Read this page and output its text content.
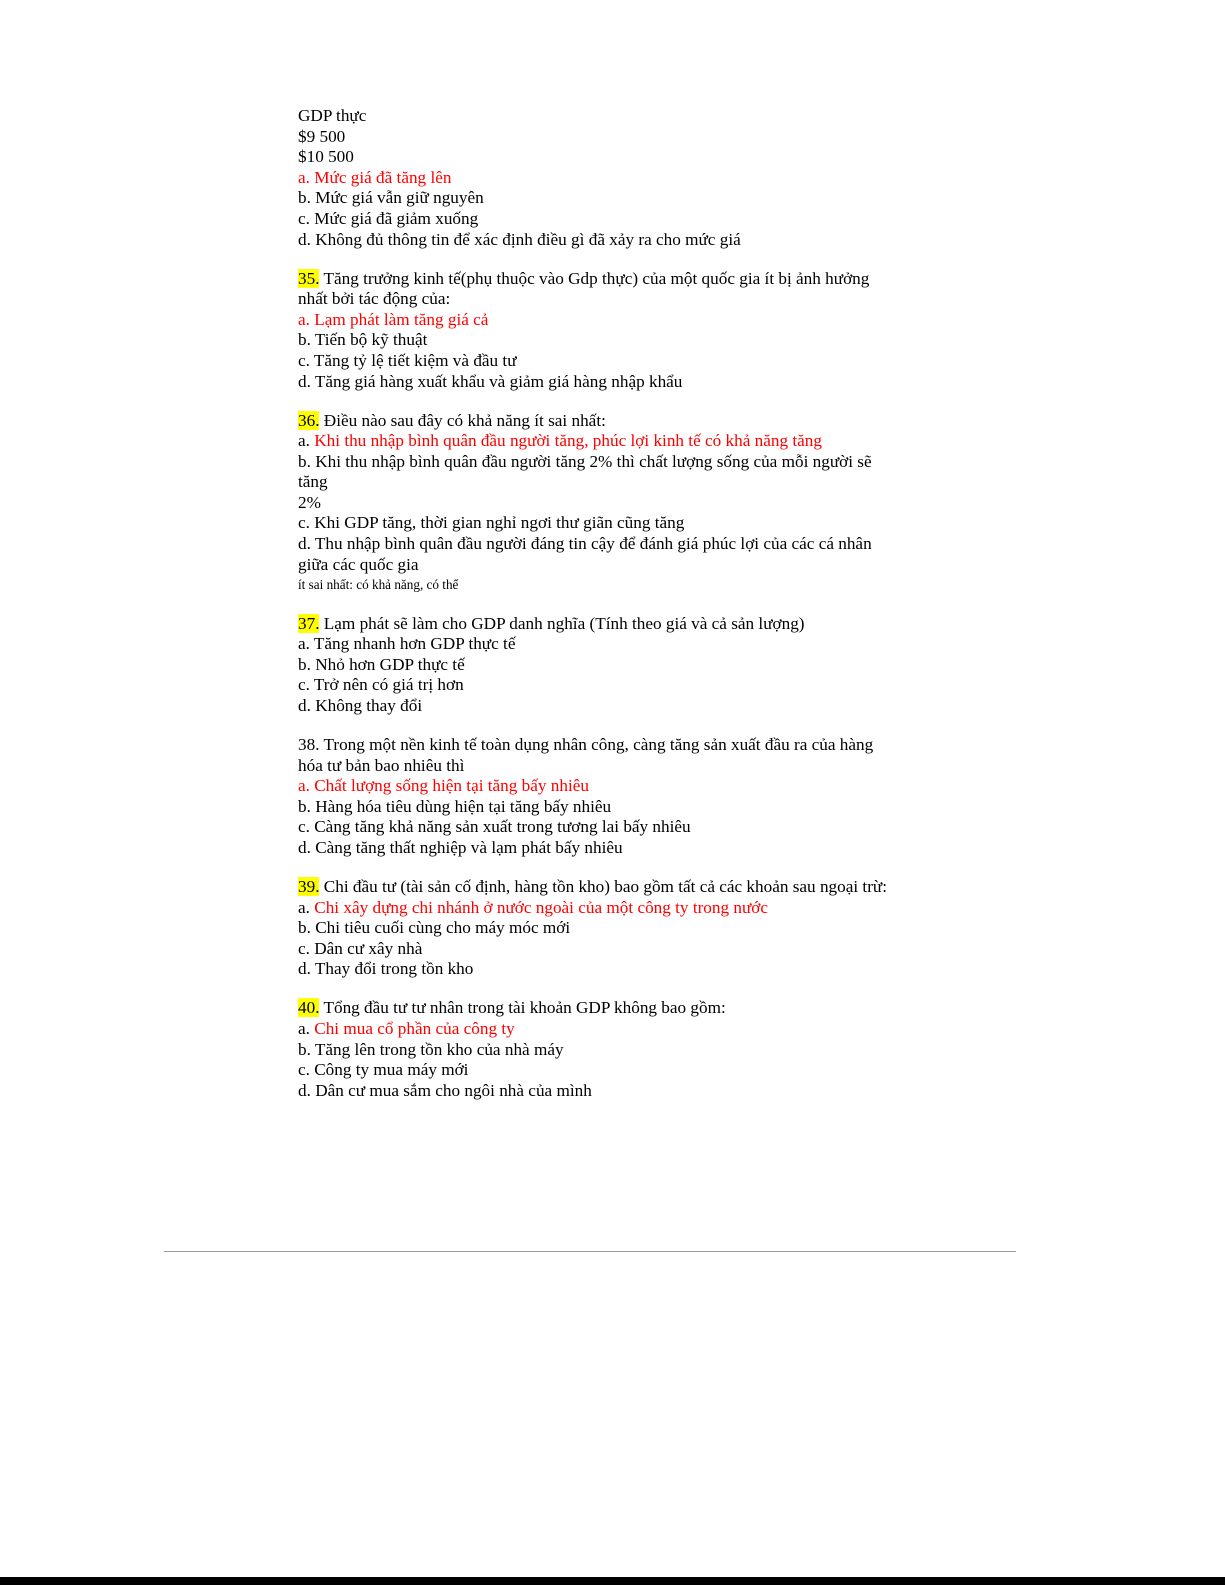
GDP thực
$9 500
$10 500
a. Mức giá đã tăng lên
b. Mức giá vẫn giữ nguyên
c. Mức giá đã giảm xuống
d. Không đủ thông tin để xác định điều gì đã xảy ra cho mức giá
35. Tăng trưởng kinh tế(phụ thuộc vào Gdp thực) của một quốc gia ít bị ảnh hưởng
nhất bởi tác động của:
a. Lạm phát làm tăng giá cả
b. Tiến bộ kỹ thuật
c. Tăng tỷ lệ tiết kiệm và đầu tư
d. Tăng giá hàng xuất khẩu và giảm giá hàng nhập khẩu
36. Điều nào sau đây có khả năng ít sai nhất:
a. Khi thu nhập bình quân đầu người tăng, phúc lợi kinh tế có khả năng tăng
b. Khi thu nhập bình quân đầu người tăng 2% thì chất lượng sống của mỗi người sẽ
tăng
2%
c. Khi GDP tăng, thời gian nghỉ ngơi thư giãn cũng tăng
d. Thu nhập bình quân đầu người đáng tin cậy để đánh giá phúc lợi của các cá nhân
giữa các quốc gia
ít sai nhất: có khả năng, có thể
37. Lạm phát sẽ làm cho GDP danh nghĩa (Tính theo giá và cả sản lượng)
a. Tăng nhanh hơn GDP thực tế
b. Nhỏ hơn GDP thực tế
c. Trở nên có giá trị hơn
d. Không thay đổi
38. Trong một nền kinh tế toàn dụng nhân công, càng tăng sản xuất đầu ra của hàng
hóa tư bản bao nhiêu thì
a. Chất lượng sống hiện tại tăng bấy nhiêu
b. Hàng hóa tiêu dùng hiện tại tăng bấy nhiêu
c. Càng tăng khả năng sản xuất trong tương lai bấy nhiêu
d. Càng tăng thất nghiệp và lạm phát bấy nhiêu
39. Chi đầu tư (tài sản cố định, hàng tồn kho) bao gồm tất cả các khoản sau ngoại trừ:
a. Chi xây dựng chi nhánh ở nước ngoài của một công ty trong nước
b. Chi tiêu cuối cùng cho máy móc mới
c. Dân cư xây nhà
d. Thay đổi trong tồn kho
40. Tổng đầu tư tư nhân trong tài khoản GDP không bao gồm:
a. Chi mua cổ phần của công ty
b. Tăng lên trong tồn kho của nhà máy
c. Công ty mua máy mới
d. Dân cư mua sắm cho ngôi nhà của mình
